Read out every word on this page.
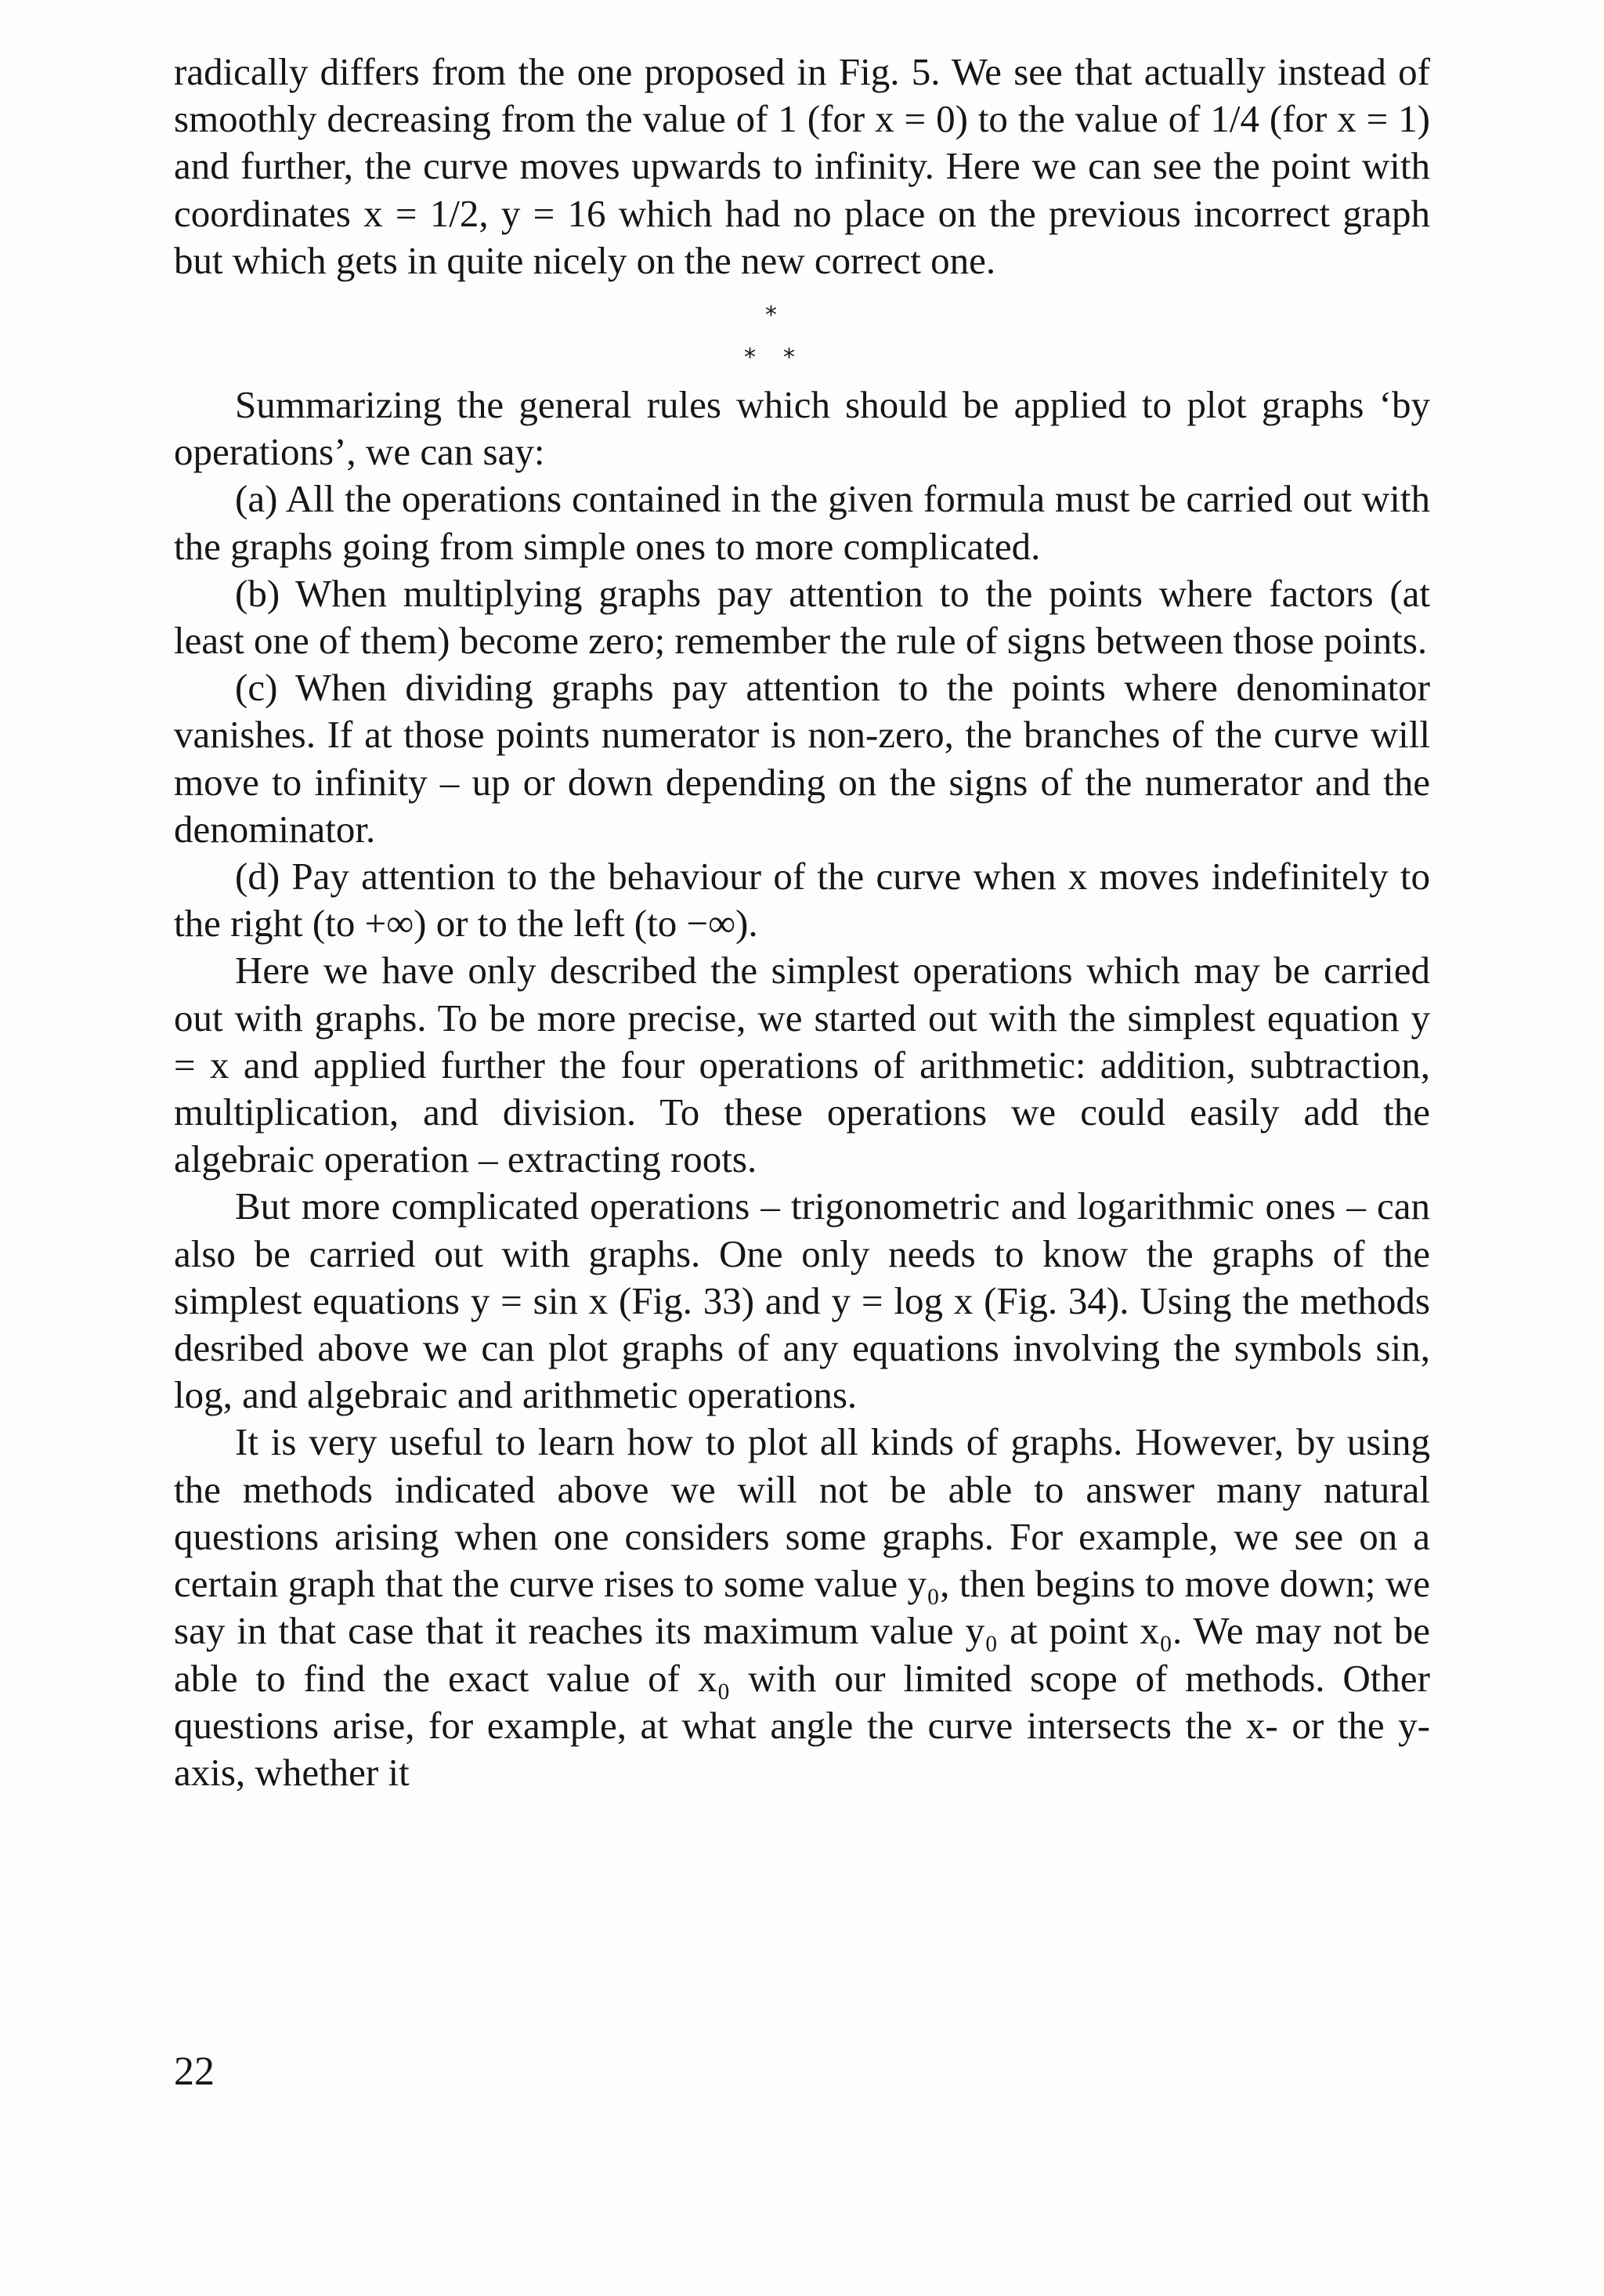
radically differs from the one proposed in Fig. 5. We see that actually instead of smoothly decreasing from the value of 1 (for x = 0) to the value of 1/4 (for x = 1) and further, the curve moves upwards to infinity. Here we can see the point with coordinates x = 1/2, y = 16 which had no place on the previous incorrect graph but which gets in quite nicely on the new correct one.

*
* *

Summarizing the general rules which should be applied to plot graphs ‘by operations’, we can say:

(a) All the operations contained in the given formula must be carried out with the graphs going from simple ones to more complicated.

(b) When multiplying graphs pay attention to the points where factors (at least one of them) become zero; remember the rule of signs between those points.

(c) When dividing graphs pay attention to the points where denominator vanishes. If at those points numerator is non-zero, the branches of the curve will move to infinity – up or down depending on the signs of the numerator and the denominator.

(d) Pay attention to the behaviour of the curve when x moves indefinitely to the right (to +∞) or to the left (to −∞).

Here we have only described the simplest operations which may be carried out with graphs. To be more precise, we started out with the simplest equation y = x and applied further the four operations of arithmetic: addition, subtraction, multiplication, and division. To these operations we could easily add the algebraic operation – extracting roots.

But more complicated operations – trigonometric and logarithmic ones – can also be carried out with graphs. One only needs to know the graphs of the simplest equations y = sin x (Fig. 33) and y = log x (Fig. 34). Using the methods desribed above we can plot graphs of any equations involving the symbols sin, log, and algebraic and arithmetic operations.

It is very useful to learn how to plot all kinds of graphs. However, by using the methods indicated above we will not be able to answer many natural questions arising when one considers some graphs. For example, we see on a certain graph that the curve rises to some value y₀, then begins to move down; we say in that case that it reaches its maximum value y₀ at point x₀. We may not be able to find the exact value of x₀ with our limited scope of methods. Other questions arise, for example, at what angle the curve intersects the x- or the y-axis, whether it

22
